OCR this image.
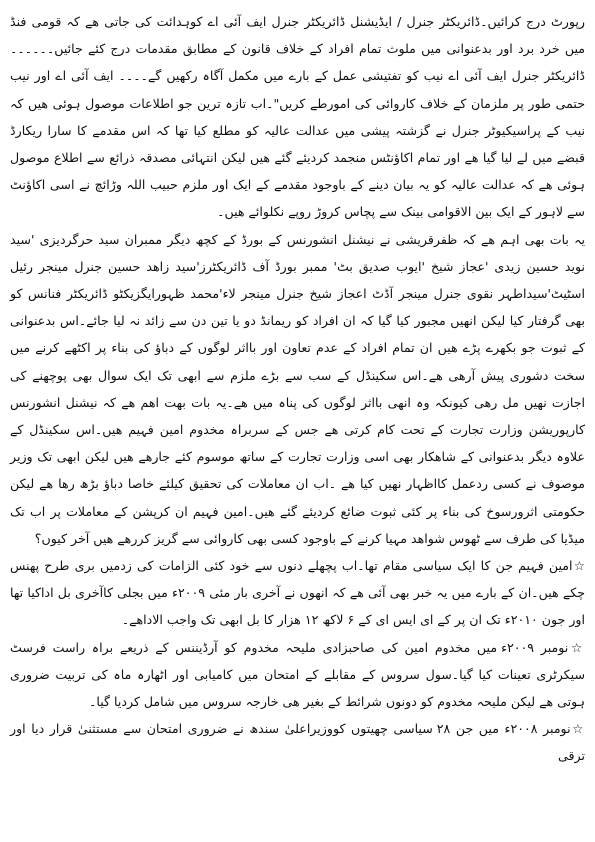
رپورٹ درج کرائیں۔ڈائریکٹر جنرل / ایڈیشنل ڈائریکٹر جنرل ایف آئی اے کوہدائت کی جاتی ھے کہ قومی فنڈ میں خرد برد اور بدعنوانی میں ملوث تمام افراد کے خلاف قانون کے مطابق مقدمات درج کئے جائیں۔۔۔۔۔۔ڈائریکٹر جنرل ایف آئی اے نیب کو تفتیشی عمل کے بارے میں مکمل آگاہ رکھیں گے۔۔۔۔ ایف آئی اے اور نیب حتمی طور پر ملزمان کے خلاف کاروائی کی امورطے کریں"۔اب تازہ ترین جو اطلاعات موصول ہوئی ھیں کہ نیب کے پراسیکیوٹر جنرل نے گزشتہ پیشی میں عدالت عالیہ کو مطلع کیا تھا کہ اس مقدمے کا سارا ریکارڈ قبضے میں لے لیا گیا ھے اور تمام اکاؤنٹس منجمد کردیئے گئے ھیں لیکن انتہائی مصدقہ ذرائع سے اطلاع موصول ہوئی ھے کہ عدالت عالیہ کو یہ بیان دینے کے باوجود مقدمے کے ایک اور ملزم حبیب اللہ وڑائچ نے اسی اکاؤنٹ سے لاہور کے ایک بین الاقوامی بینک سے پچاس کروڑ روپے نکلوائے ھیں۔

یہ بات بھی اہم ھے کہ ظفرقریشی نے نیشنل انشورنس کے بورڈ کے کچھ دیگر ممبران سید حرگردیزی 'سید نوید حسین زیدی 'عجاز شیخ 'ایوب صدیق بٹ' ممبر بورڈ آف ڈائریکٹرز'سید زاھد حسین جنرل مینجر رئیل اسٹیٹ'سیداطہر نقوی جنرل مینجر آڈٹ اعجاز شیخ جنرل مینجر لاء'محمد ظہورایگزیکٹو ڈائریکٹر فنانس کو بھی گرفتار کیا لیکن انھیں مجبور کیا گیا کہ ان افراد کو ریمانڈ دو یا تین دن سے زائد نہ لیا جائے۔اس بدعنوانی کے ثبوت جو بکھرے پڑے ھیں ان تمام افراد کے عدم تعاون اور بااثر لوگوں کے دباؤ کی بناء پر اکٹھے کرنے میں سخت دشوری پیش آرھی ھے۔اس سکینڈل کے سب سے بڑے ملزم سے ابھی تک ایک سوال بھی پوچھنے کی اجازت نھیں مل رھی کیونکہ وہ انھی بااثر لوگوں کی پناہ میں ھے۔یہ بات بھت اھم ھے کہ نیشنل انشورنس کارپوریشن وزارت تجارت کے تحت کام کرتی ھے جس کے سربراہ مخدوم امین فہیم ھیں۔اس سکینڈل کے علاوہ دیگر بدعنوانی کے شاھکار بھی اسی وزارت تجارت کے ساتھ موسوم کئے جارھے ھیں لیکن ابھی تک وزیر موصوف نے کسی ردعمل کااظہار نھیں کیا ھے ۔اب ان معاملات کی تحقیق کیلئے خاصا دباؤ بڑھ رھا ھے لیکن حکومتی اثرورسوخ کی بناء پر کئی ثبوت ضائع کردیئے گئے ھیں۔امین فہیم ان کرپشن کے معاملات پر اب تک میڈیا کی طرف سے ٹھوس شواھد مہیا کرنے کے باوجود کسی بھی کاروائی سے گریز کررھے ھیں آخر کیوں؟

☆امین فہیم جن کا ایک سیاسی مقام تھا۔اب پچھلے دنوں سے خود کئی الزامات کی زدمیں بری طرح پھنس چکے ھیں۔ان کے بارے میں یہ خبر بھی آئی ھے کہ انھوں نے آخری بار مئی ۲۰۰۹ء میں بجلی کاآخری بل اداکیا تھا اور جون ۲۰۱۰ء تک ان پر کے ای ایس ای کے ۶ لاکھ ۱۲ ھزار کا بل ابھی تک واجب الاداھے۔

☆نومبر ۲۰۰۹ء میں مخدوم امین کی صاحبزادی ملیحہ مخدوم کو آرڈیننس کے ذریعے براہ راست فرسٹ سیکرٹری تعینات کیا گیا۔سول سروس کے مقابلے کے امتحان میں کامیابی اور اٹھارہ ماہ کی تربیت ضروری ہوتی ھے لیکن ملیحہ مخدوم کو دونوں شرائط کے بغیر ھی خارجہ سروس میں شامل کردیا گیا۔

☆نومبر ۲۰۰۸ء میں جن ۲۸ سیاسی چھیتوں کووزیراعلیٰ سندھ نے ضروری امتحان سے مستثنیٰ قرار دیا اور ترقی
